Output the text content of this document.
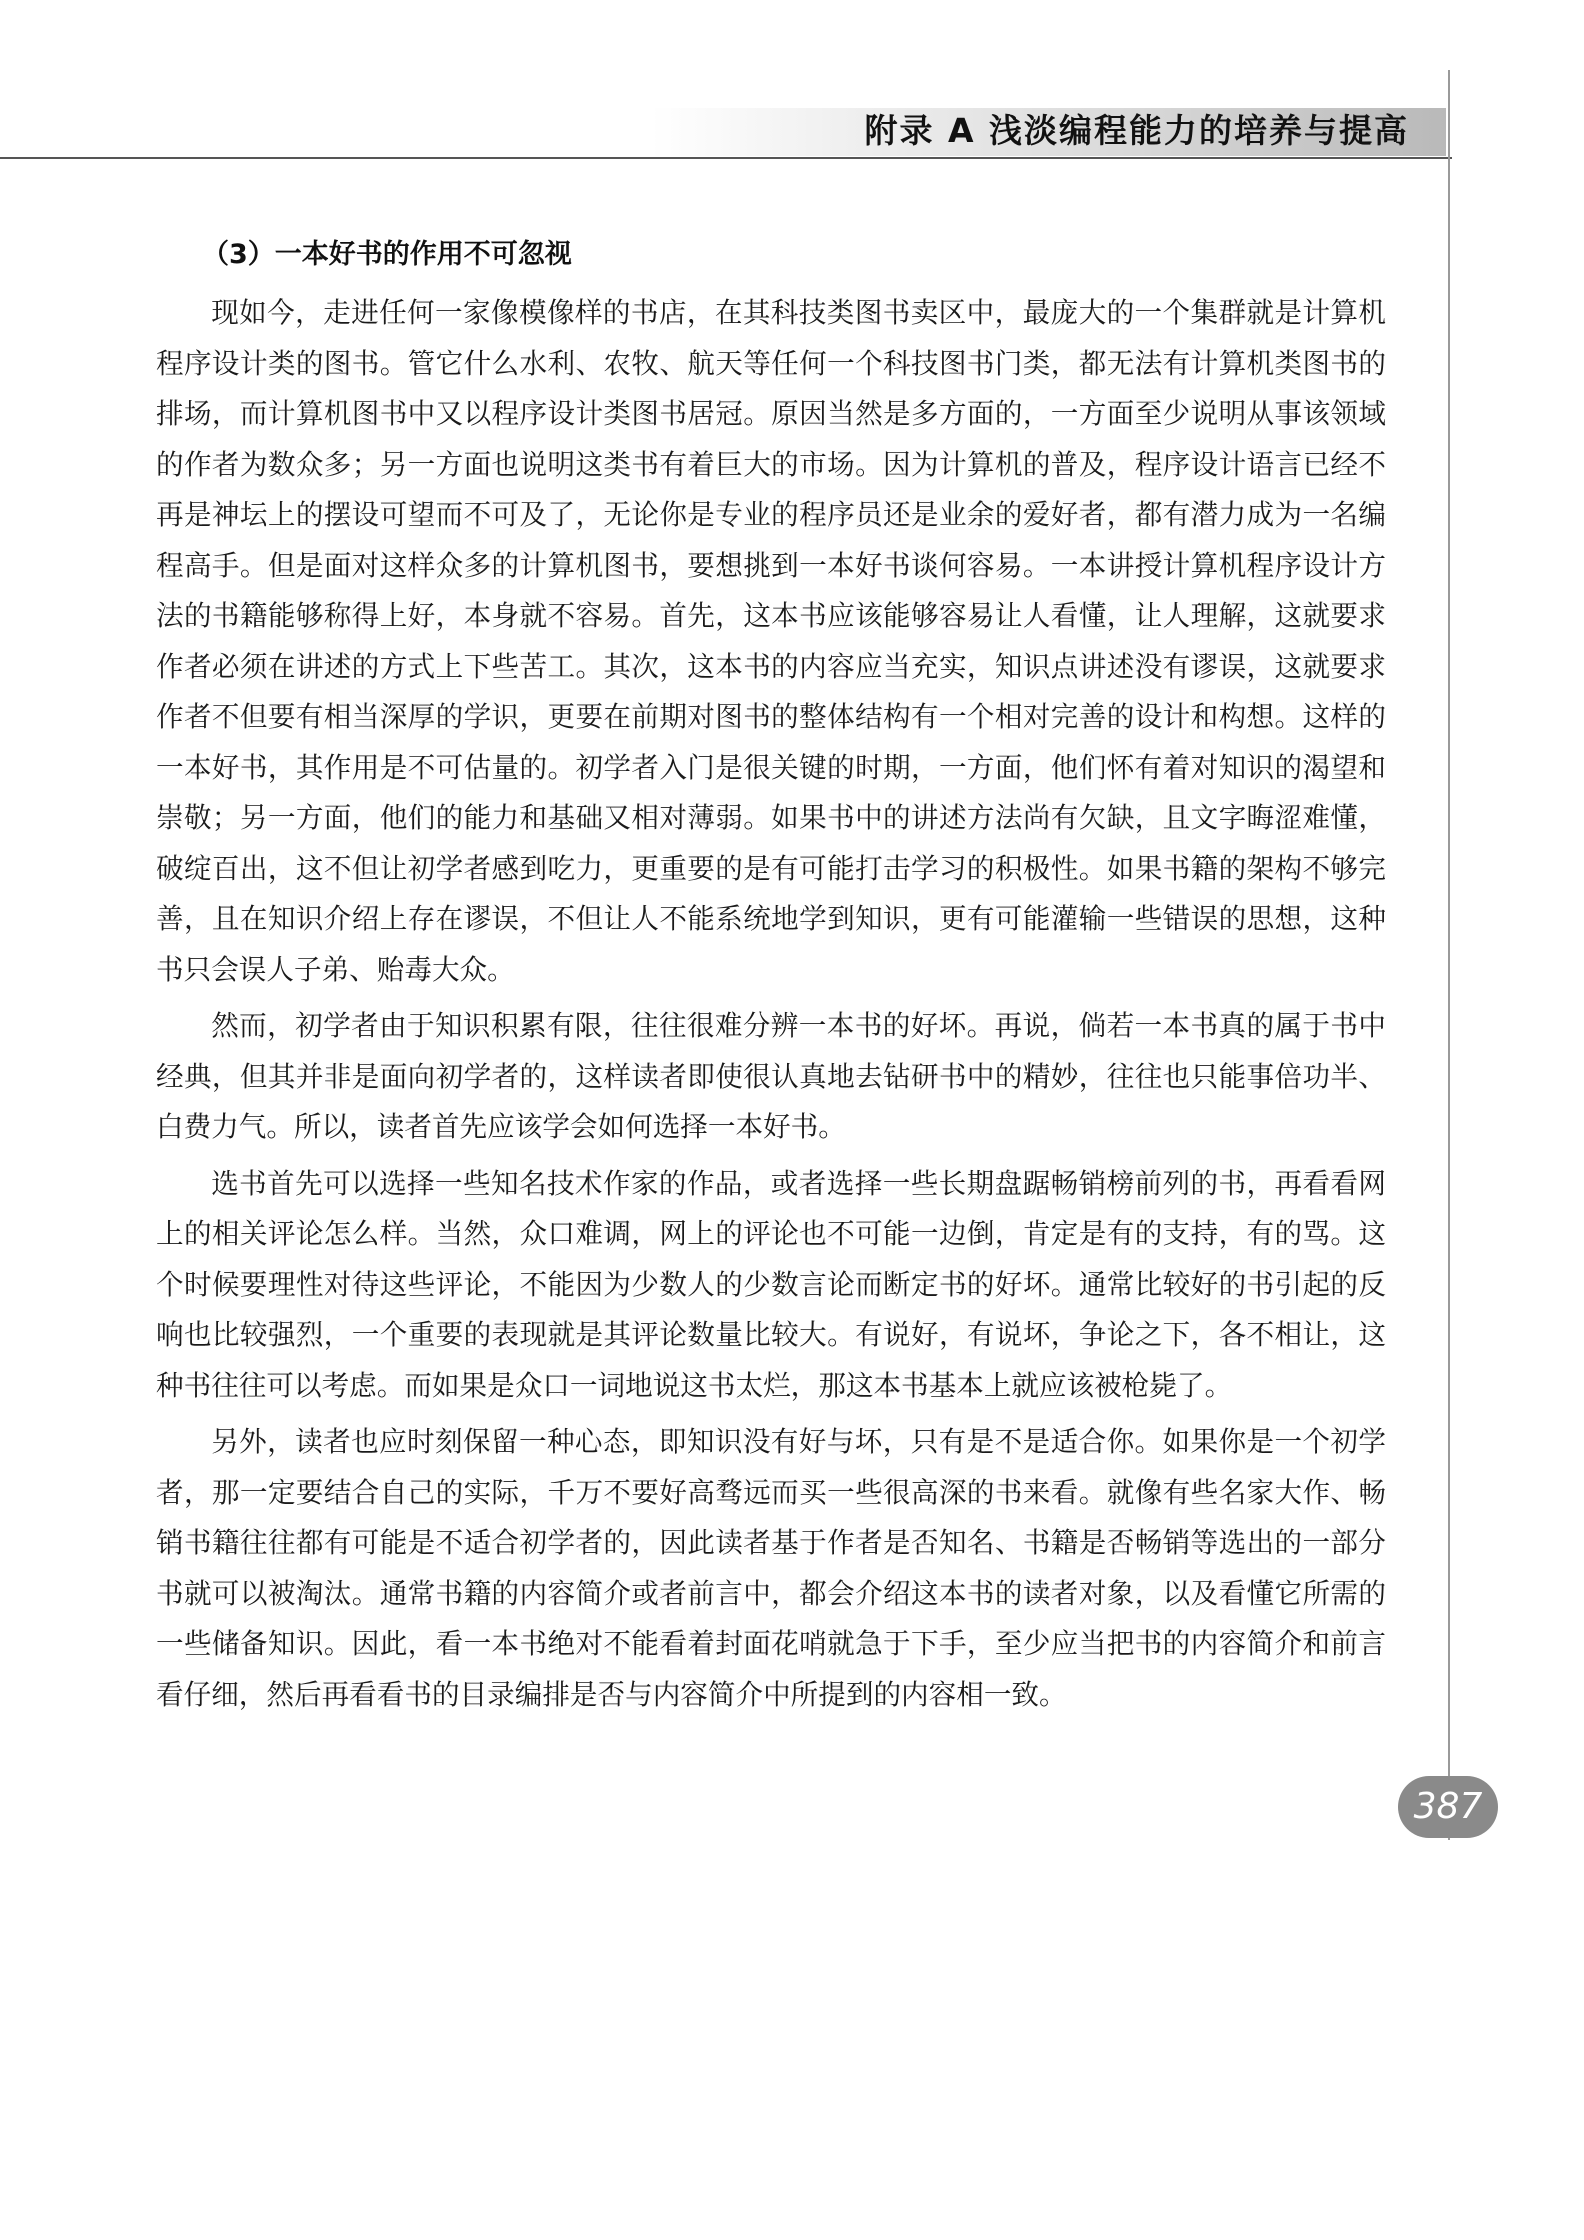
附录 A 浅淡编程能力的培养与提高
（3）一本好书的作用不可忽视

现如今，走进任何一家像模像样的书店，在其科技类图书卖区中，最庞大的一个集群就是计算机程序设计类的图书。管它什么水利、农牧、航天等任何一个科技图书门类，都无法有计算机类图书的排场，而计算机图书中又以程序设计类图书居冠。原因当然是多方面的，一方面至少说明从事该领域的作者为数众多；另一方面也说明这类书有着巨大的市场。因为计算机的普及，程序设计语言已经不再是神坛上的摆设可望而不可及了，无论你是专业的程序员还是业余的爱好者，都有潜力成为一名编程高手。但是面对这样众多的计算机图书，要想挑到一本好书谈何容易。一本讲授计算机程序设计方法的书籍能够称得上好，本身就不容易。首先，这本书应该能够容易让人看懂，让人理解，这就要求作者必须在讲述的方式上下些苦工。其次，这本书的内容应当充实，知识点讲述没有谬误，这就要求作者不但要有相当深厚的学识，更要在前期对图书的整体结构有一个相对完善的设计和构想。这样的一本好书，其作用是不可估量的。初学者入门是很关键的时期，一方面，他们怀有着对知识的渴望和崇敬；另一方面，他们的能力和基础又相对薄弱。如果书中的讲述方法尚有欠缺，且文字晦涩难懂，破绽百出，这不但让初学者感到吃力，更重要的是有可能打击学习的积极性。如果书籍的架构不够完善，且在知识介绍上存在谬误，不但让人不能系统地学到知识，更有可能灌输一些错误的思想，这种书只会误人子弟、贻毒大众。

然而，初学者由于知识积累有限，往往很难分辨一本书的好坏。再说，倘若一本书真的属于书中经典，但其并非是面向初学者的，这样读者即使很认真地去钻研书中的精妙，往往也只能事倍功半、白费力气。所以，读者首先应该学会如何选择一本好书。

选书首先可以选择一些知名技术作家的作品，或者选择一些长期盘踞畅销榜前列的书，再看看网上的相关评论怎么样。当然，众口难调，网上的评论也不可能一边倒，肯定是有的支持，有的骂。这个时候要理性对待这些评论，不能因为少数人的少数言论而断定书的好坏。通常比较好的书引起的反响也比较强烈，一个重要的表现就是其评论数量比较大。有说好，有说坏，争论之下，各不相让，这种书往往可以考虑。而如果是众口一词地说这书太烂，那这本书基本上就应该被枪毙了。

另外，读者也应时刻保留一种心态，即知识没有好与坏，只有是不是适合你。如果你是一个初学者，那一定要结合自己的实际，千万不要好高骛远而买一些很高深的书来看。就像有些名家大作、畅销书籍往往都有可能是不适合初学者的，因此读者基于作者是否知名、书籍是否畅销等选出的一部分书就可以被淘汰。通常书籍的内容简介或者前言中，都会介绍这本书的读者对象，以及看懂它所需的一些储备知识。因此，看一本书绝对不能看着封面花哨就急于下手，至少应当把书的内容简介和前言看仔细，然后再看看书的目录编排是否与内容简介中所提到的内容相一致。

387
